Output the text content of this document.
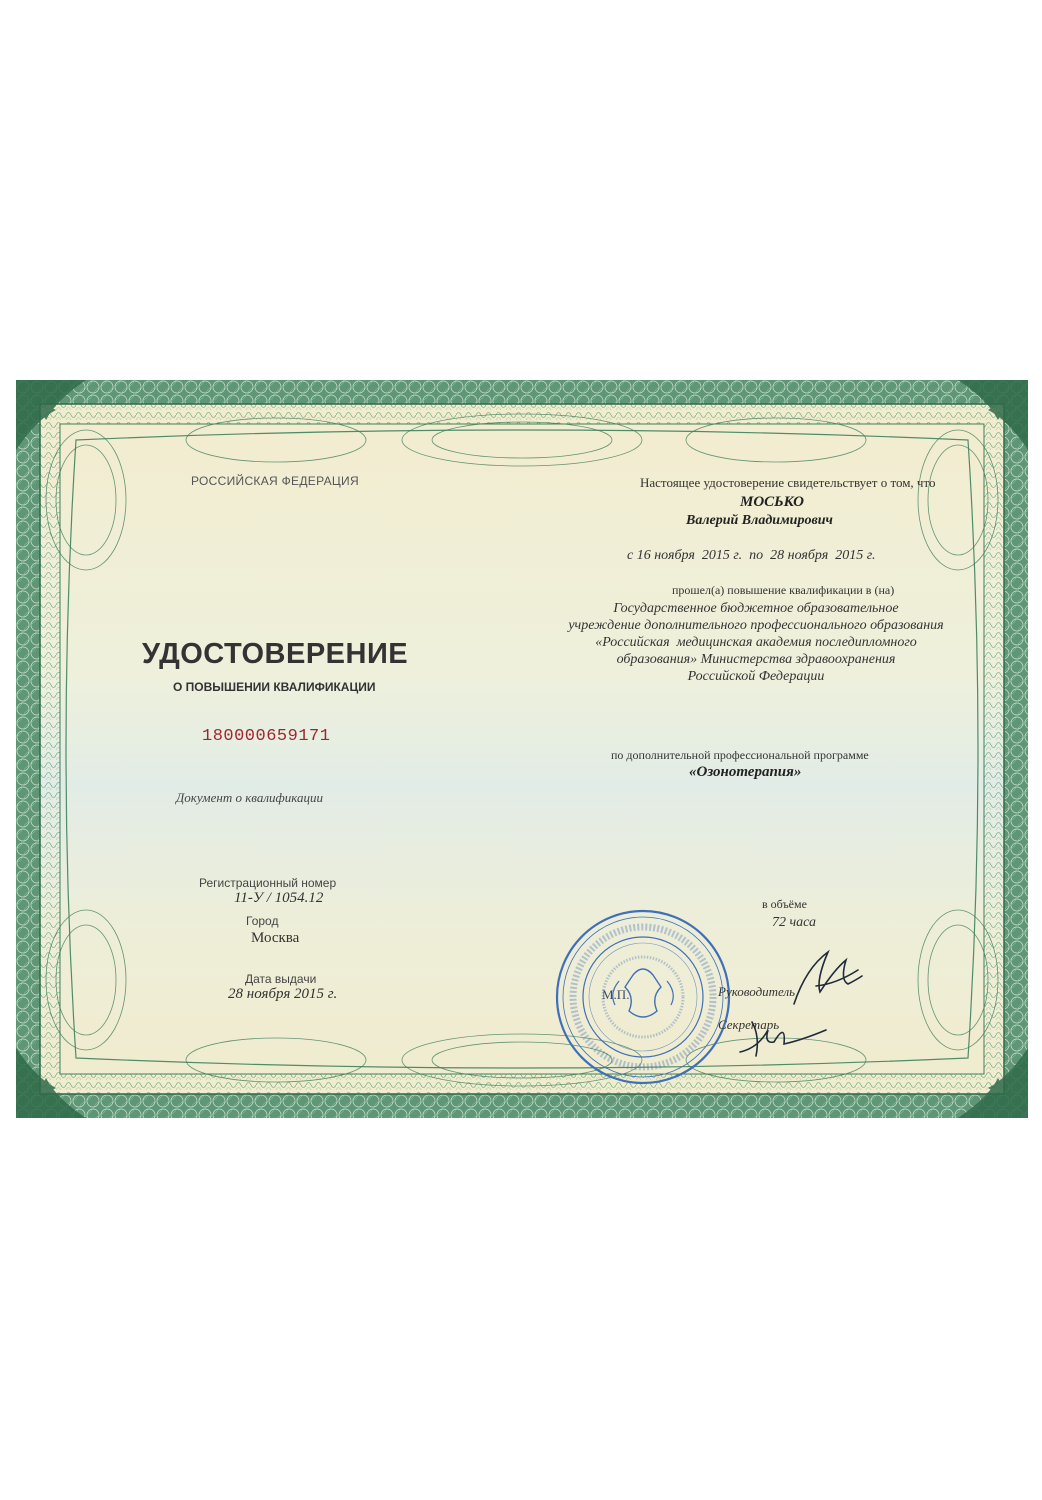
РОССИЙСКАЯ ФЕДЕРАЦИЯ
УДОСТОВЕРЕНИЕ
О ПОВЫШЕНИИ КВАЛИФИКАЦИИ
180000659171
Документ о квалификации
Регистрационный номер
11-У / 1054.12
Город
Москва
Дата выдачи
28 ноября 2015 г.
Настоящее удостоверение свидетельствует о том, что
МОСЬКО
Валерий Владимирович
с 16 ноября  2015 г.  по  28 ноября  2015 г.
прошел(а) повышение квалификации в (на)
Государственное бюджетное образовательное
учреждение дополнительного профессионального образования
«Российская  медицинская академия последипломного
образования» Министерства здравоохранения
Российской Федерации
по дополнительной профессиональной программе
«Озонотерапия»
в объёме
72 часа
М.П.	Руководитель
Секретарь
